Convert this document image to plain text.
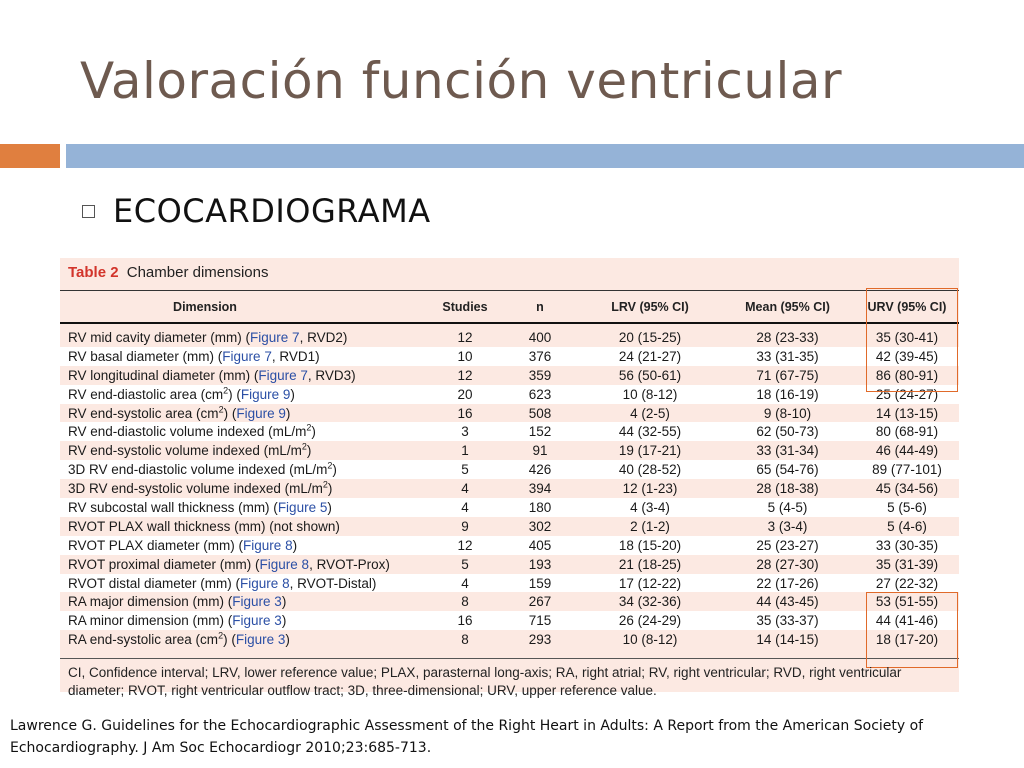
Valoración función ventricular
ECOCARDIOGRAMA
Table 2 Chamber dimensions
Dimension	Studies	n	LRV (95% CI)	Mean (95% CI)	URV (95% CI)
RV mid cavity diameter (mm) (Figure 7, RVD2)	12	400	20 (15-25)	28 (23-33)	35 (30-41)
RV basal diameter (mm) (Figure 7, RVD1)	10	376	24 (21-27)	33 (31-35)	42 (39-45)
RV longitudinal diameter (mm) (Figure 7, RVD3)	12	359	56 (50-61)	71 (67-75)	86 (80-91)
RV end-diastolic area $(cm^2)$ (Figure 9)	20	623	10 (8-12)	18 (16-19)	25 (24-27)
RV end-systolic area $(cm^2)$ (Figure 9)	16	508	4 (2-5)	9 (8-10)	14 (13-15)
RV end-diastolic volume indexed $(mL/m^2)$	3	152	44 (32-55)	62 (50-73)	80 (68-91)
RV end-systolic volume indexed $(mL/m^2)$	1	91	19 (17-21)	33 (31-34)	46 (44-49)
3D RV end-diastolic volume indexed $(mL/m^2)$	5	426	40 (28-52)	65 (54-76)	89 (77-101)
3D RV end-systolic volume indexed $(mL/m^2)$	4	394	12 (1-23)	28 (18-38)	45 (34-56)
RV subcostal wall thickness (mm) (Figure 5)	4	180	4 (3-4)	5 (4-5)	5 (5-6)
RVOT PLAX wall thickness (mm) (not shown)	9	302	2 (1-2)	3 (3-4)	5 (4-6)
RVOT PLAX diameter (mm) (Figure 8)	12	405	18 (15-20)	25 (23-27)	33 (30-35)
RVOT proximal diameter (mm) (Figure 8, RVOT-Prox)	5	193	21 (18-25)	28 (27-30)	35 (31-39)
RVOT distal diameter (mm) (Figure 8, RVOT-Distal)	4	159	17 (12-22)	22 (17-26)	27 (22-32)
RA major dimension (mm) (Figure 3)	8	267	34 (32-36)	44 (43-45)	53 (51-55)
RA minor dimension (mm) (Figure 3)	16	715	26 (24-29)	35 (33-37)	44 (41-46)
RA end-systolic area $(cm^2)$ (Figure 3)	8	293	10 (8-12)	14 (14-15)	18 (17-20)
CI, Confidence interval; LRV, lower reference value; PLAX, parasternal long-axis; RA, right atrial; RV, right ventricular; RVD, right ventricular diameter; RVOT, right ventricular outflow tract; 3D, three-dimensional; URV, upper reference value.
Lawrence G. Guidelines for the Echocardiographic Assessment of the Right Heart in Adults: A Report from the American Society of
Echocardiography. J Am Soc Echocardiogr 2010;23:685-713.
